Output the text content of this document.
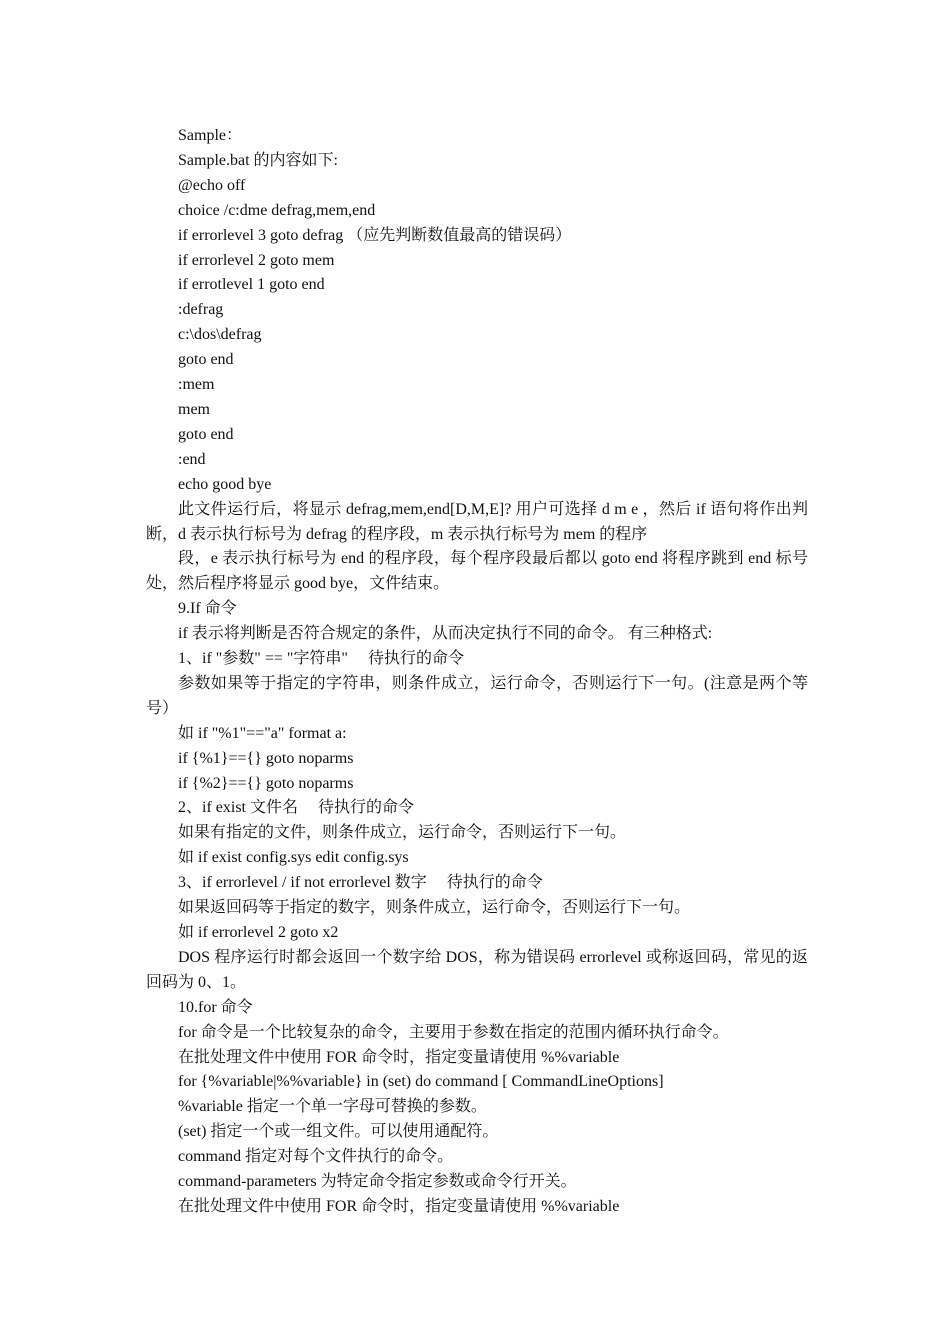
Sample：

Sample.bat 的内容如下:

@echo off

choice /c:dme defrag,mem,end

if errorlevel 3 goto defrag （应先判断数值最高的错误码）

if errorlevel 2 goto mem

if errotlevel 1 goto end

:defrag

c:\dos\defrag

goto end

:mem

mem

goto end

:end

echo good bye

此文件运行后，将显示 defrag,mem,end[D,M,E]? 用户可选择 d m e ，然后 if 语句将作出判断，d 表示执行标号为 defrag 的程序段，m 表示执行标号为 mem 的程序

段，e 表示执行标号为 end 的程序段，每个程序段最后都以 goto end 将程序跳到 end 标号处，然后程序将显示 good bye，文件结束。

9.If 命令

if 表示将判断是否符合规定的条件，从而决定执行不同的命令。 有三种格式:

1、if "参数" == "字符串"　 待执行的命令

参数如果等于指定的字符串，则条件成立，运行命令，否则运行下一句。(注意是两个等号）

如 if "%1"=="a" format a:

if {%1}=={} goto noparms

if {%2}=={} goto noparms

2、if exist 文件名　 待执行的命令

如果有指定的文件，则条件成立，运行命令，否则运行下一句。

如 if exist config.sys edit config.sys

3、if errorlevel / if not errorlevel 数字　 待执行的命令

如果返回码等于指定的数字，则条件成立，运行命令，否则运行下一句。

如 if errorlevel 2 goto x2

DOS 程序运行时都会返回一个数字给 DOS，称为错误码 errorlevel 或称返回码，常见的返回码为 0、1。

10.for 命令

for 命令是一个比较复杂的命令，主要用于参数在指定的范围内循环执行命令。

在批处理文件中使用 FOR 命令时，指定变量请使用 %%variable

for {%variable|%%variable} in (set) do command [ CommandLineOptions]

%variable 指定一个单一字母可替换的参数。

(set) 指定一个或一组文件。可以使用通配符。

command 指定对每个文件执行的命令。

command-parameters 为特定命令指定参数或命令行开关。

在批处理文件中使用 FOR 命令时，指定变量请使用 %%variable
